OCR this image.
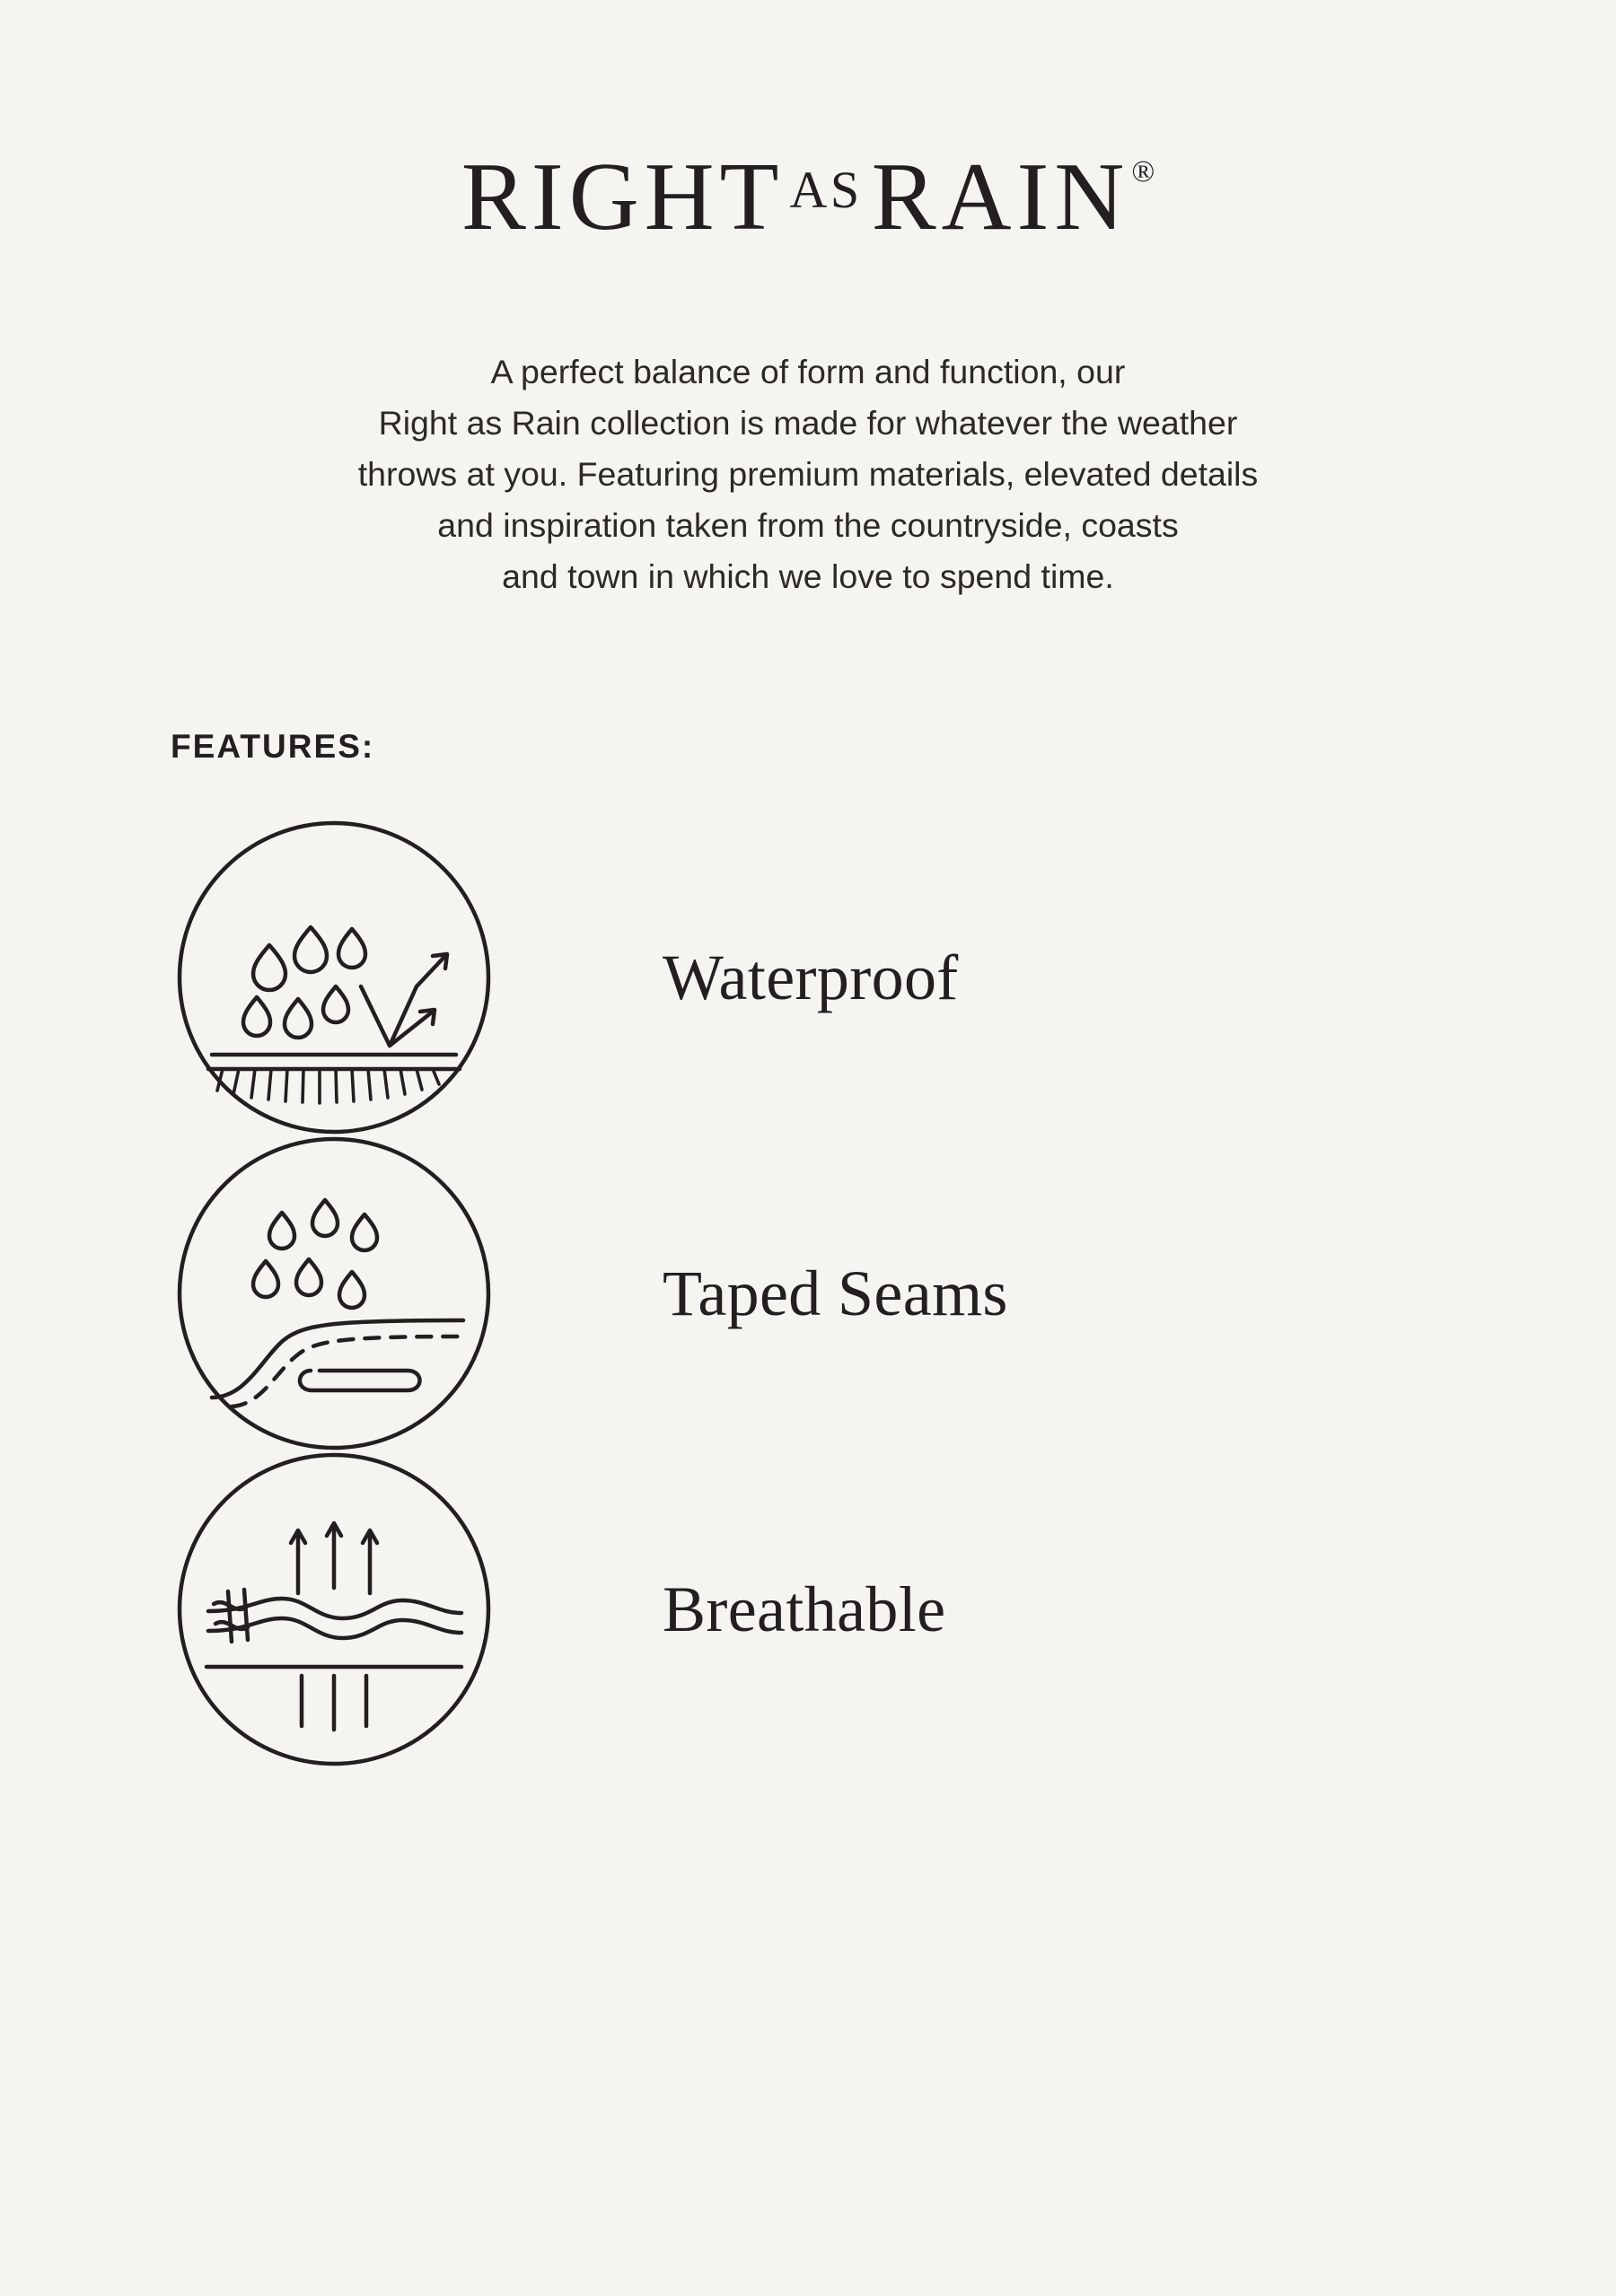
RIGHT ASRAIN®
A perfect balance of form and function, our
Right as Rain collection is made for whatever the weather
throws at you. Featuring premium materials, elevated details
and inspiration taken from the countryside, coasts
and town in which we love to spend time.
FEATURES:
Waterproof
Taped Seams
Breathable
